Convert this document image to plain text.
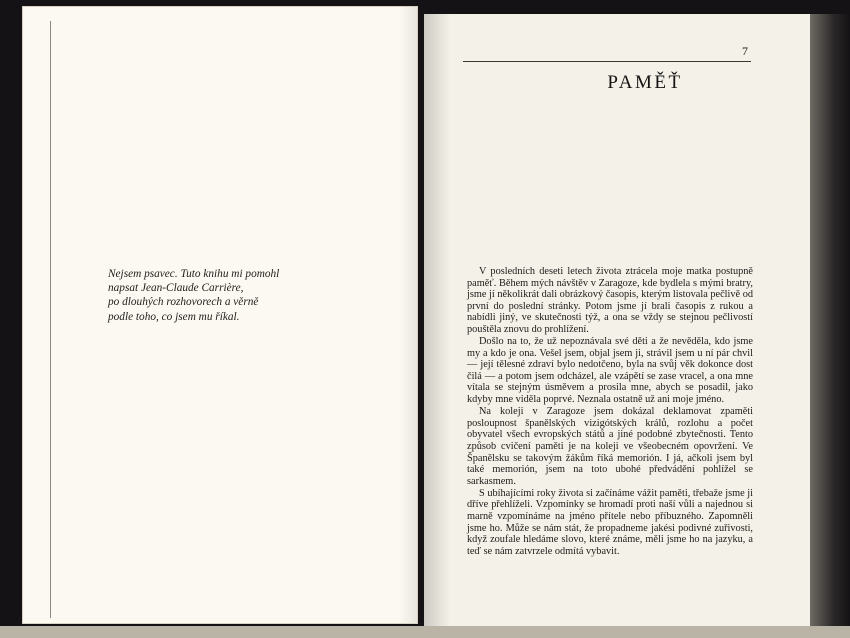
Nejsem psavec. Tuto knihu mi pomohl
napsat Jean-Claude Carrière,
po dlouhých rozhovorech a věrně
podle toho, co jsem mu říkal.
7
PAMĚŤ

V posledních deseti letech života ztrácela moje matka postupně paměť. Během mých návštěv v Zaragoze, kde bydlela s mými bratry, jsme jí několikrát dali obrázkový časopis, kterým listovala pečlivě od první do poslední stránky. Potom jsme jí brali časopis z rukou a nabídli jiný, ve skutečnosti týž, a ona se vždy se stejnou pečlivostí pouštěla znovu do prohlížení.

Došlo na to, že už nepoznávala své děti a že nevěděla, kdo jsme my a kdo je ona. Vešel jsem, objal jsem ji, strávil jsem u ní pár chvil — její tělesné zdraví bylo nedotčeno, byla na svůj věk dokonce dost čilá — a potom jsem odcházel, ale vzápětí se zase vracel, a ona mne vítala se stejným úsměvem a prosila mne, abych se posadil, jako kdyby mne viděla poprvé. Neznala ostatně už ani moje jméno.

Na koleji v Zaragoze jsem dokázal deklamovat zpaměti posloupnost španělských vizigótských králů, rozlohu a počet obyvatel všech evropských států a jiné podobné zbytečnosti. Tento způsob cvičení paměti je na koleji ve všeobecném opovržení. Ve Španělsku se takovým žákům říká memorión. I já, ačkoli jsem byl také memorión, jsem na toto ubohé předvádění pohlížel se sarkasmem.

S ubíhajícími roky života si začínáme vážit paměti, třebaže jsme ji dříve přehlíželi. Vzpomínky se hromadí proti naší vůli a najednou si marně vzpomínáme na jméno přítele nebo příbuzného. Zapomněli jsme ho. Může se nám stát, že propadneme jakési podivné zuřivosti, když zoufale hledáme slovo, které známe, měli jsme ho na jazyku, a teď se nám zatvrzele odmítá vybavit.
